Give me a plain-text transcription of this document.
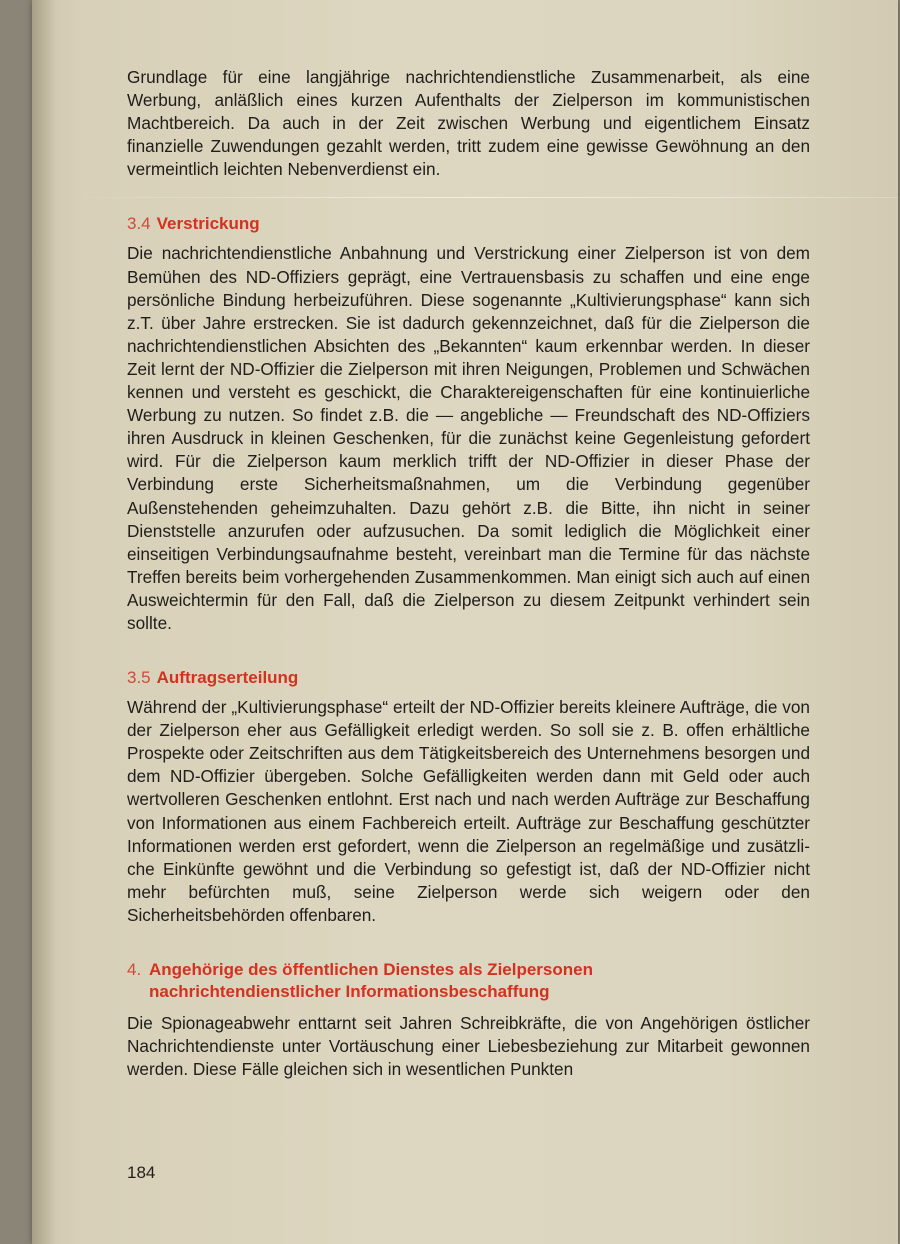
Grundlage für eine langjährige nachrichtendienstliche Zusammenarbeit, als eine Werbung, anläßlich eines kurzen Aufenthalts der Zielperson im kommunistischen Machtbereich. Da auch in der Zeit zwischen Werbung und eigentlichem Einsatz finanzielle Zuwendungen gezahlt werden, tritt zudem eine gewisse Gewöhnung an den vermeintlich leichten Nebenverdienst ein.

3.4 Verstrickung

Die nachrichtendienstliche Anbahnung und Verstrickung einer Zielperson ist von dem Bemühen des ND-Offiziers geprägt, eine Vertrauensbasis zu schaffen und eine enge persönliche Bindung herbeizuführen. Diese sogenannte „Kultivierungsphase“ kann sich z.T. über Jahre erstrecken. Sie ist dadurch gekennzeichnet, daß für die Zielperson die nachrichtendienstlichen Absichten des „Bekannten“ kaum erkennbar werden. In dieser Zeit lernt der ND-Offizier die Zielperson mit ihren Neigungen, Problemen und Schwächen kennen und versteht es geschickt, die Charaktereigenschaften für eine kontinuierliche Werbung zu nutzen. So findet z.B. die — angebliche — Freundschaft des ND-Offiziers ihren Ausdruck in kleinen Geschenken, für die zunächst keine Gegenleistung gefordert wird. Für die Zielperson kaum merklich trifft der ND-Offizier in dieser Phase der Verbindung erste Sicherheitsmaßnahmen, um die Verbindung gegenüber Außenstehenden geheimzuhalten. Dazu gehört z.B. die Bitte, ihn nicht in seiner Dienststelle anzurufen oder aufzusuchen. Da somit lediglich die Möglichkeit einer einseitigen Verbindungsaufnahme besteht, vereinbart man die Termine für das nächste Treffen bereits beim vorhergehenden Zusammenkommen. Man einigt sich auch auf einen Ausweichtermin für den Fall, daß die Zielperson zu diesem Zeitpunkt verhindert sein sollte.

3.5 Auftragserteilung

Während der „Kultivierungsphase“ erteilt der ND-Offizier bereits kleinere Aufträge, die von der Zielperson eher aus Gefälligkeit erledigt werden. So soll sie z. B. offen erhältliche Prospekte oder Zeitschriften aus dem Tätigkeitsbereich des Unternehmens besorgen und dem ND-Offizier übergeben. Solche Gefälligkeiten werden dann mit Geld oder auch wertvolleren Geschenken entlohnt. Erst nach und nach werden Aufträge zur Beschaffung von Informationen aus einem Fachbereich erteilt. Aufträge zur Beschaffung geschützter Informationen werden erst gefordert, wenn die Zielperson an regelmäßige und zusätzliche Einkünfte gewöhnt und die Verbindung so gefestigt ist, daß der ND-Offizier nicht mehr befürchten muß, seine Zielperson werde sich weigern oder den Sicherheitsbehörden offenbaren.

4. Angehörige des öffentlichen Dienstes als Zielpersonen
nachrichtendienstlicher Informationsbeschaffung

Die Spionageabwehr enttarnt seit Jahren Schreibkräfte, die von Angehörigen östlicher Nachrichtendienste unter Vortäuschung einer Liebesbeziehung zur Mitarbeit gewonnen werden. Diese Fälle gleichen sich in wesentlichen Punkten

184
